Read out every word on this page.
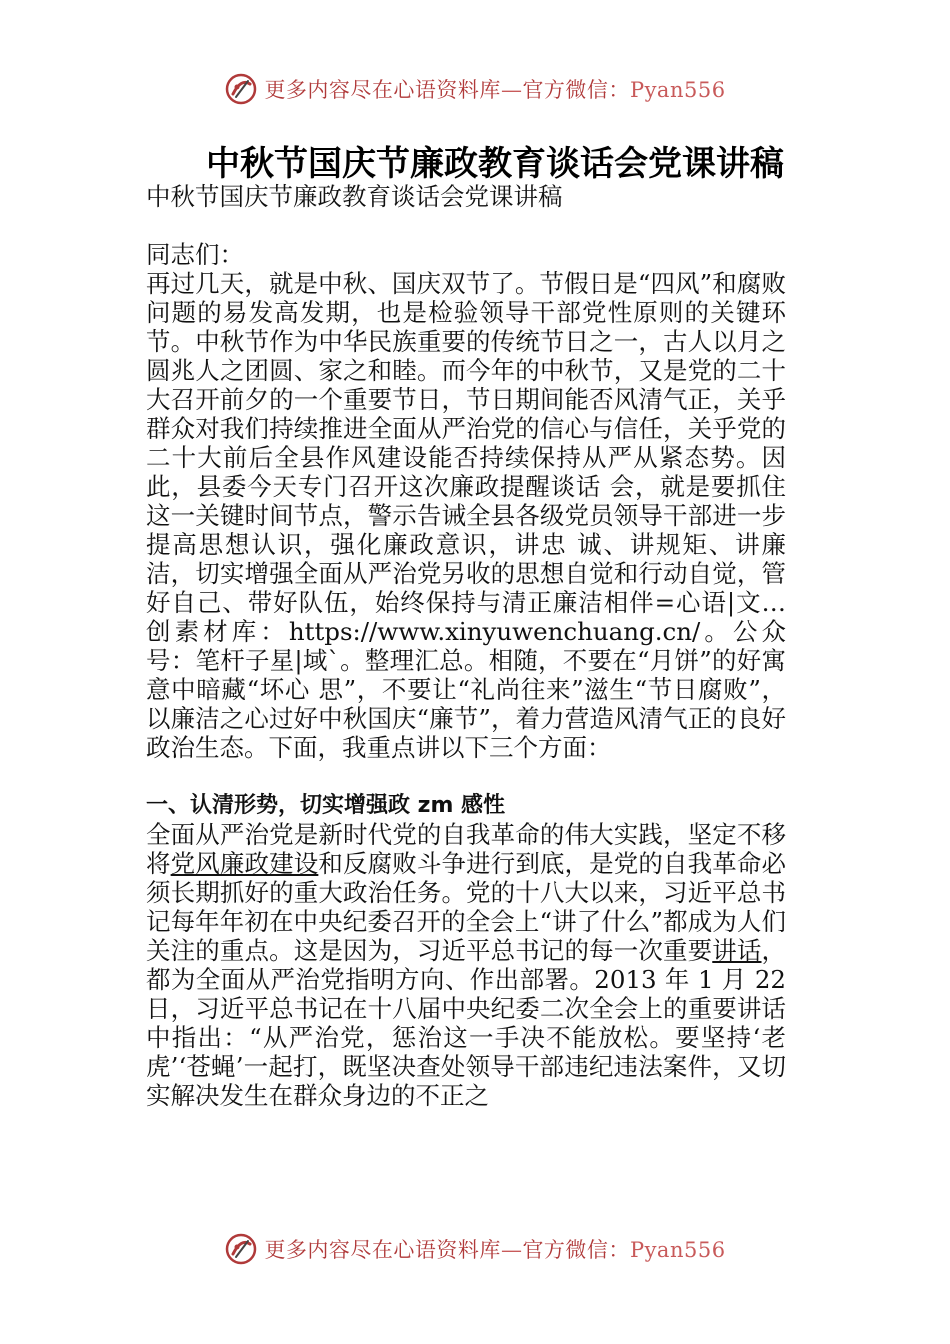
更多内容尽在心语资料库—官方微信：Pyan556
中秋节国庆节廉政教育谈话会党课讲稿

中秋节国庆节廉政教育谈话会党课讲稿

同志们：

再过几天，就是中秋、国庆双节了。节假日是“四风”和腐败问题的易发高发期，也是检验领导干部党性原则的关键环节。中秋节作为中华民族重要的传统节日之一，古人以月之圆兆人之团圆、家之和睦。而今年的中秋节，又是党的二十大召开前夕的一个重要节日，节日期间能否风清气正，关乎群众对我们持续推进全面从严治党的信心与信任，关乎党的二十大前后全县作风建设能否持续保持从严从紧态势。因此，县委今天专门召开这次廉政提醒谈话 会，就是要抓住这一关键时间节点，警示告诫全县各级党员领导干部进一步提高思想认识，强化廉政意识，讲忠 诚、讲规矩、讲廉洁，切实增强全面从严治党另收的思想自觉和行动自觉，管好自己、带好队伍，始终保持与清正廉洁相伴=心语|文…创素材库：https://www.xinyuwenchuang.cn/。公众号：笔杆子星|域`。整理汇总。相随，不要在“月饼”的好寓意中暗藏“坏心 思”，不要让“礼尚往来”滋生“节日腐败”，以廉洁之心过好中秋国庆“廉节”，着力营造风清气正的良好政治生态。下面，我重点讲以下三个方面：

一、认清形势，切实增强政 zm 感性

全面从严治党是新时代党的自我革命的伟大实践，坚定不移将党风廉政建设和反腐败斗争进行到底，是党的自我革命必须长期抓好的重大政治任务。党的十八大以来，习近平总书记每年年初在中央纪委召开的全会上“讲了什么”都成为人们关注的重点。这是因为，习近平总书记的每一次重要讲话，都为全面从严治党指明方向、作出部署。2013 年 1 月 22 日，习近平总书记在十八届中央纪委二次全会上的重要讲话中指出：“从严治党，惩治这一手决不能放松。要坚持‘老虎’‘苍蝇’一起打，既坚决查处领导干部违纪违法案件，又切实解决发生在群众身边的不正之

更多内容尽在心语资料库—官方微信：Pyan556
